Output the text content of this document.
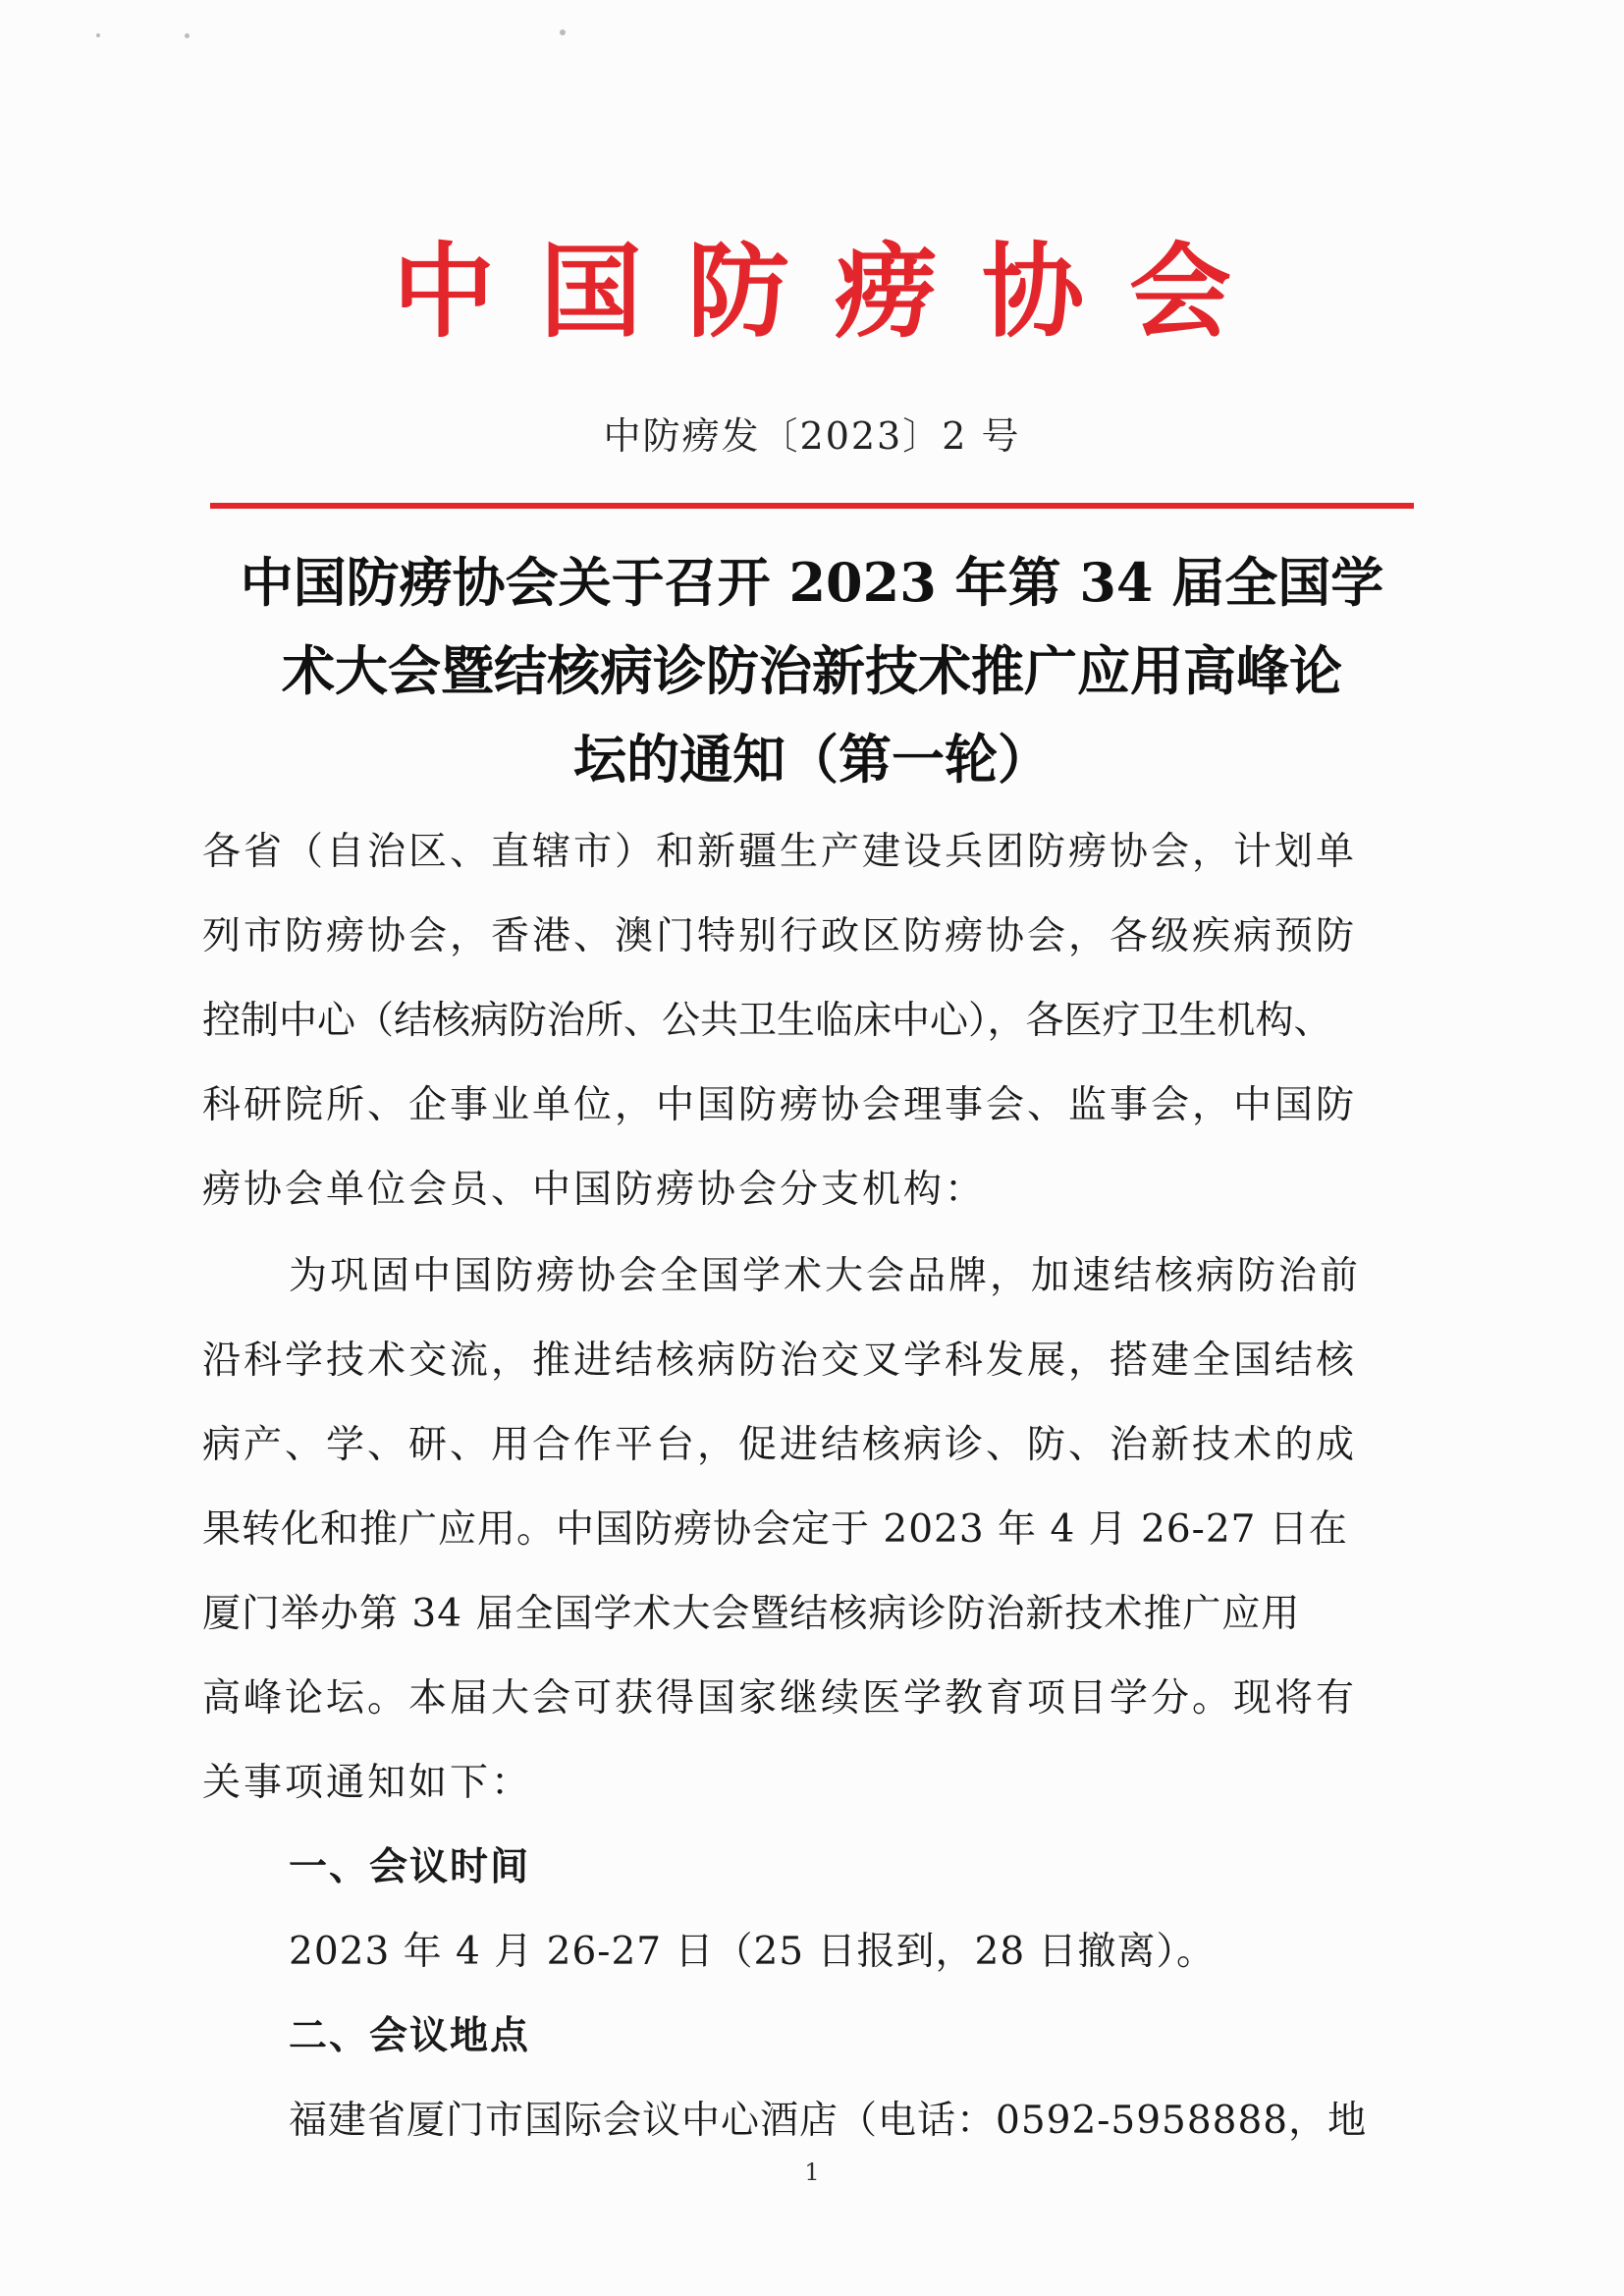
中国防痨协会
中防痨发〔2023〕2 号
中国防痨协会关于召开 2023 年第 34 届全国学
术大会暨结核病诊防治新技术推广应用高峰论
坛的通知（第一轮）
各省（自治区、直辖市）和新疆生产建设兵团防痨协会，计划单
列市防痨协会，香港、澳门特别行政区防痨协会，各级疾病预防
控制中心（结核病防治所、公共卫生临床中心），各医疗卫生机构、
科研院所、企事业单位，中国防痨协会理事会、监事会，中国防
痨协会单位会员、中国防痨协会分支机构：
为巩固中国防痨协会全国学术大会品牌，加速结核病防治前
沿科学技术交流，推进结核病防治交叉学科发展，搭建全国结核
病产、学、研、用合作平台，促进结核病诊、防、治新技术的成
果转化和推广应用。中国防痨协会定于 2023 年 4 月 26-27 日在
厦门举办第 34 届全国学术大会暨结核病诊防治新技术推广应用
高峰论坛。本届大会可获得国家继续医学教育项目学分。现将有
关事项通知如下：
一、会议时间
2023 年 4 月 26-27 日（25 日报到，28 日撤离）。
二、会议地点
福建省厦门市国际会议中心酒店（电话：0592-5958888，地
1
